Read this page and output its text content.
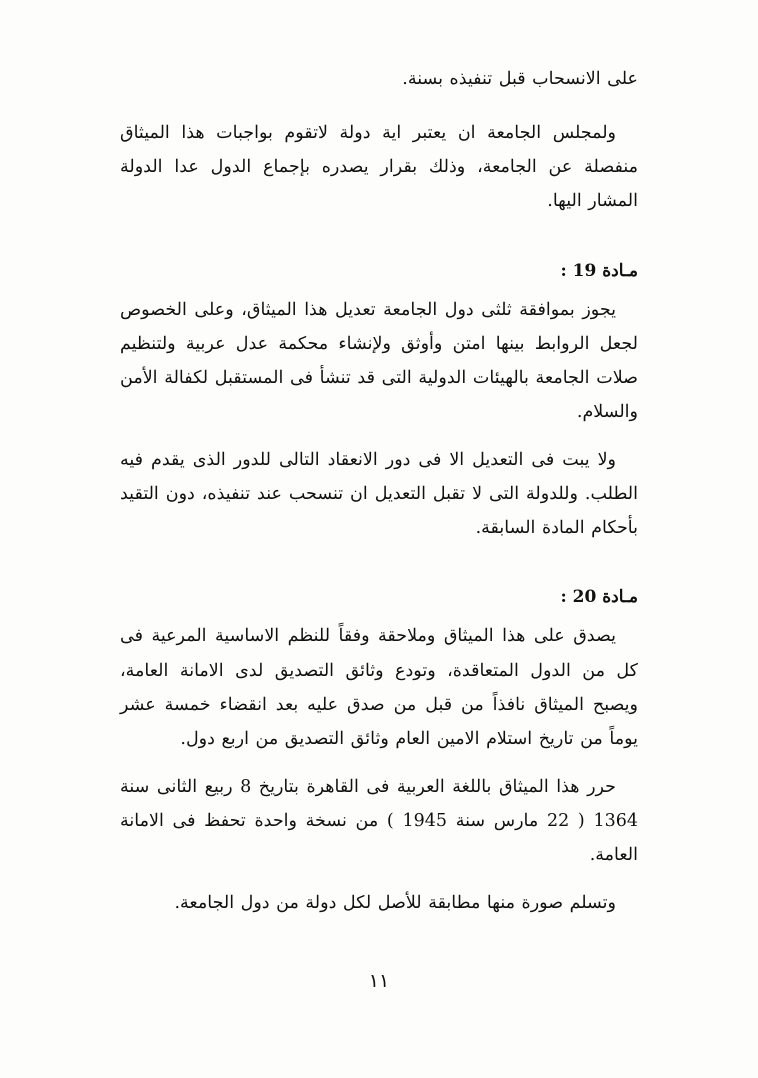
على الانسحاب قبل تنفيذه بسنة.

ولمجلس الجامعة ان يعتبر اية دولة لاتقوم بواجبات هذا الميثاق منفصلة عن الجامعة، وذلك بقرار يصدره بإجماع الدول عدا الدولة المشار اليها.

مـادة 19 :

يجوز بموافقة ثلثى دول الجامعة تعديل هذا الميثاق، وعلى الخصوص لجعل الروابط بينها امتن وأوثق ولإنشاء محكمة عدل عربية ولتنظيم صلات الجامعة بالهيئات الدولية التى قد تنشأ فى المستقبل لكفالة الأمن والسلام.

ولا يبت فى التعديل الا فى دور الانعقاد التالى للدور الذى يقدم فيه الطلب. وللدولة التى لا تقبل التعديل ان تنسحب عند تنفيذه، دون التقيد بأحكام المادة السابقة.

مـادة 20 :

يصدق على هذا الميثاق وملاحقة وفقاً للنظم الاساسية المرعية فى كل من الدول المتعاقدة، وتودع وثائق التصديق لدى الامانة العامة، ويصبح الميثاق نافذاً من قبل من صدق عليه بعد انقضاء خمسة عشر يوماً من تاريخ استلام الامين العام وثائق التصديق من اربع دول.

حرر هذا الميثاق باللغة العربية فى القاهرة بتاريخ 8 ربيع الثانى سنة 1364 ( 22 مارس سنة 1945 ) من نسخة واحدة تحفظ فى الامانة العامة.

وتسلم صورة منها مطابقة للأصل لكل دولة من دول الجامعة.

١١
